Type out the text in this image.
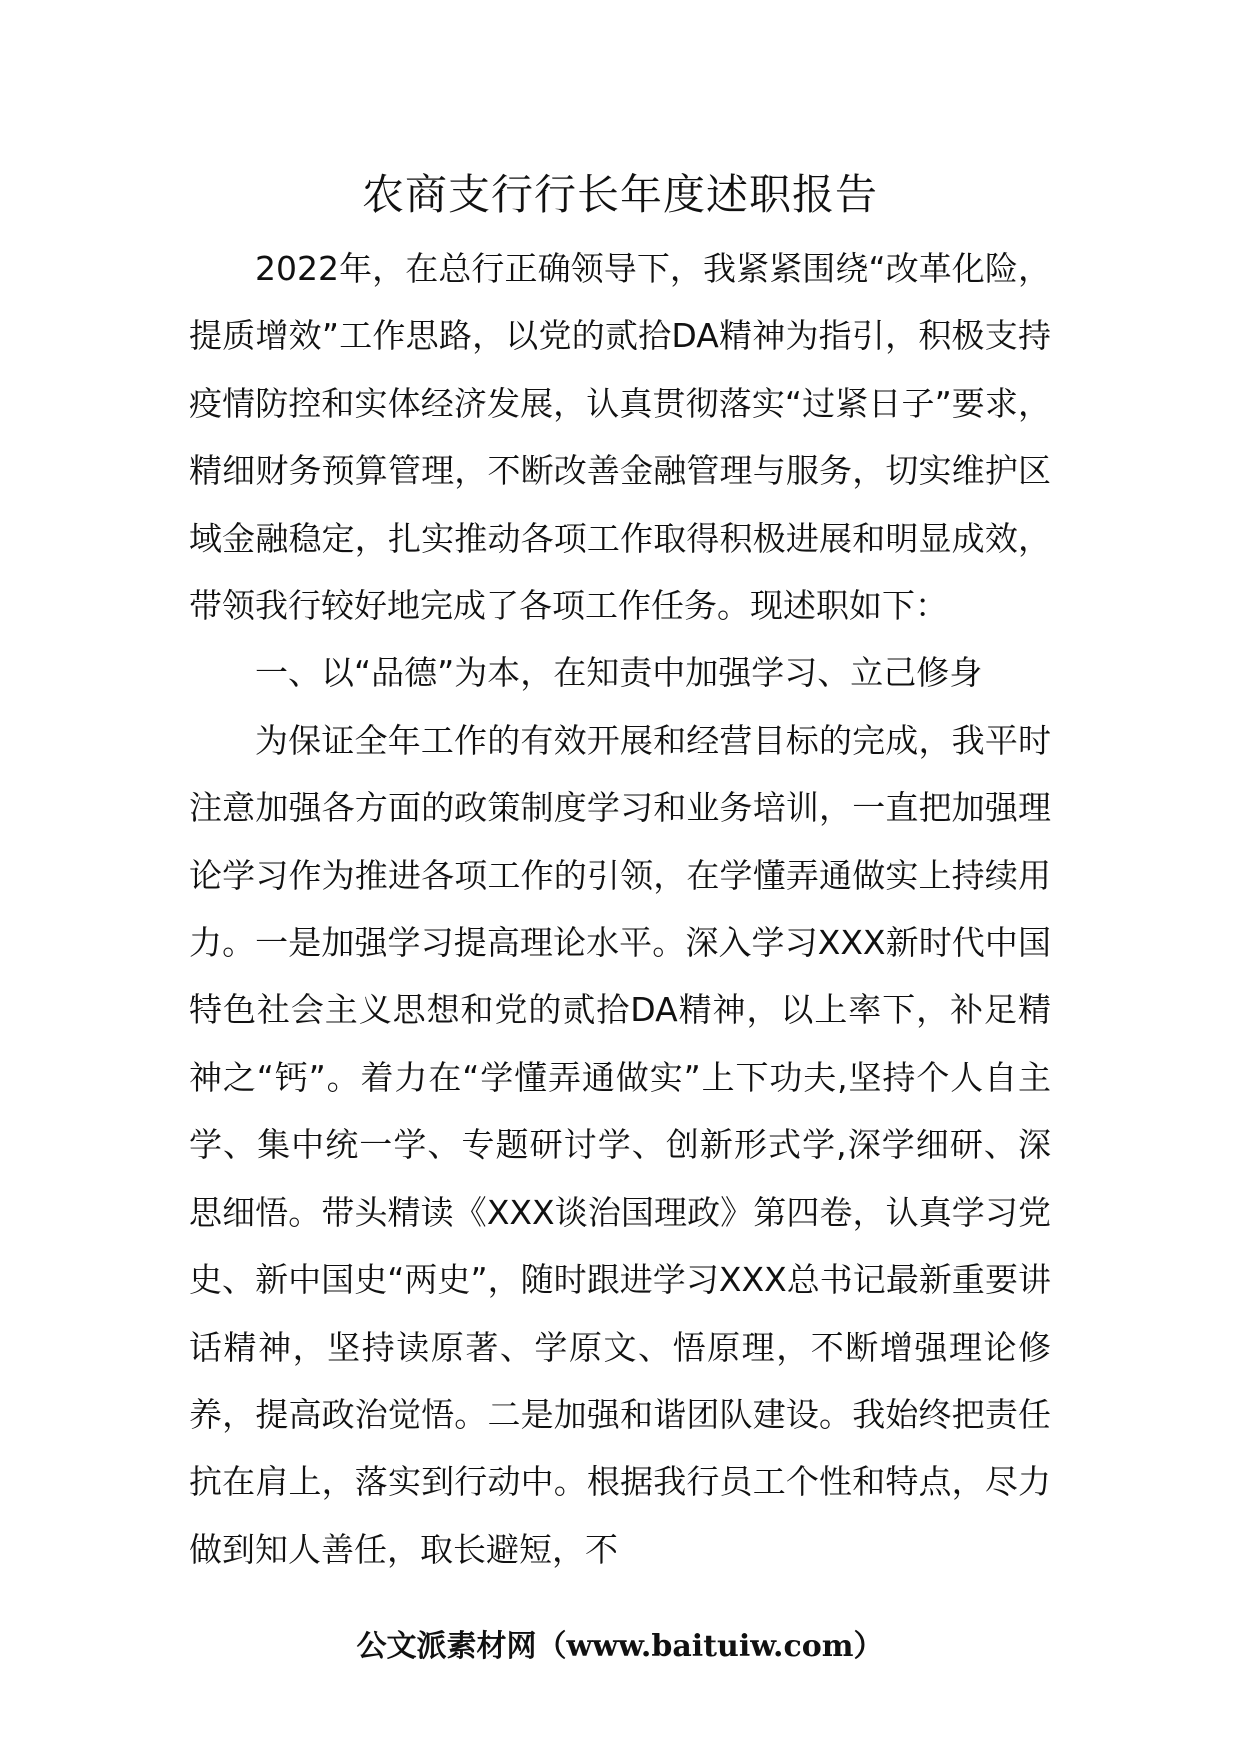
农商支行行长年度述职报告

2022年，在总行正确领导下，我紧紧围绕“改革化险，提质增效”工作思路，以党的贰拾DA精神为指引，积极支持疫情防控和实体经济发展，认真贯彻落实“过紧日子”要求，精细财务预算管理，不断改善金融管理与服务，切实维护区域金融稳定，扎实推动各项工作取得积极进展和明显成效，带领我行较好地完成了各项工作任务。现述职如下：

一、以“品德”为本，在知责中加强学习、立己修身

为保证全年工作的有效开展和经营目标的完成，我平时注意加强各方面的政策制度学习和业务培训，一直把加强理论学习作为推进各项工作的引领，在学懂弄通做实上持续用力。一是加强学习提高理论水平。深入学习XXX新时代中国特色社会主义思想和党的贰拾DA精神，以上率下，补足精神之“钙”。着力在“学懂弄通做实”上下功夫,坚持个人自主学、集中统一学、专题研讨学、创新形式学,深学细研、深思细悟。带头精读《XXX谈治国理政》第四卷，认真学习党史、新中国史“两史”，随时跟进学习XXX总书记最新重要讲话精神，坚持读原著、学原文、悟原理，不断增强理论修养，提高政治觉悟。二是加强和谐团队建设。我始终把责任抗在肩上，落实到行动中。根据我行员工个性和特点，尽力做到知人善任，取长避短，不

公文派素材网（www.baituiw.com）
